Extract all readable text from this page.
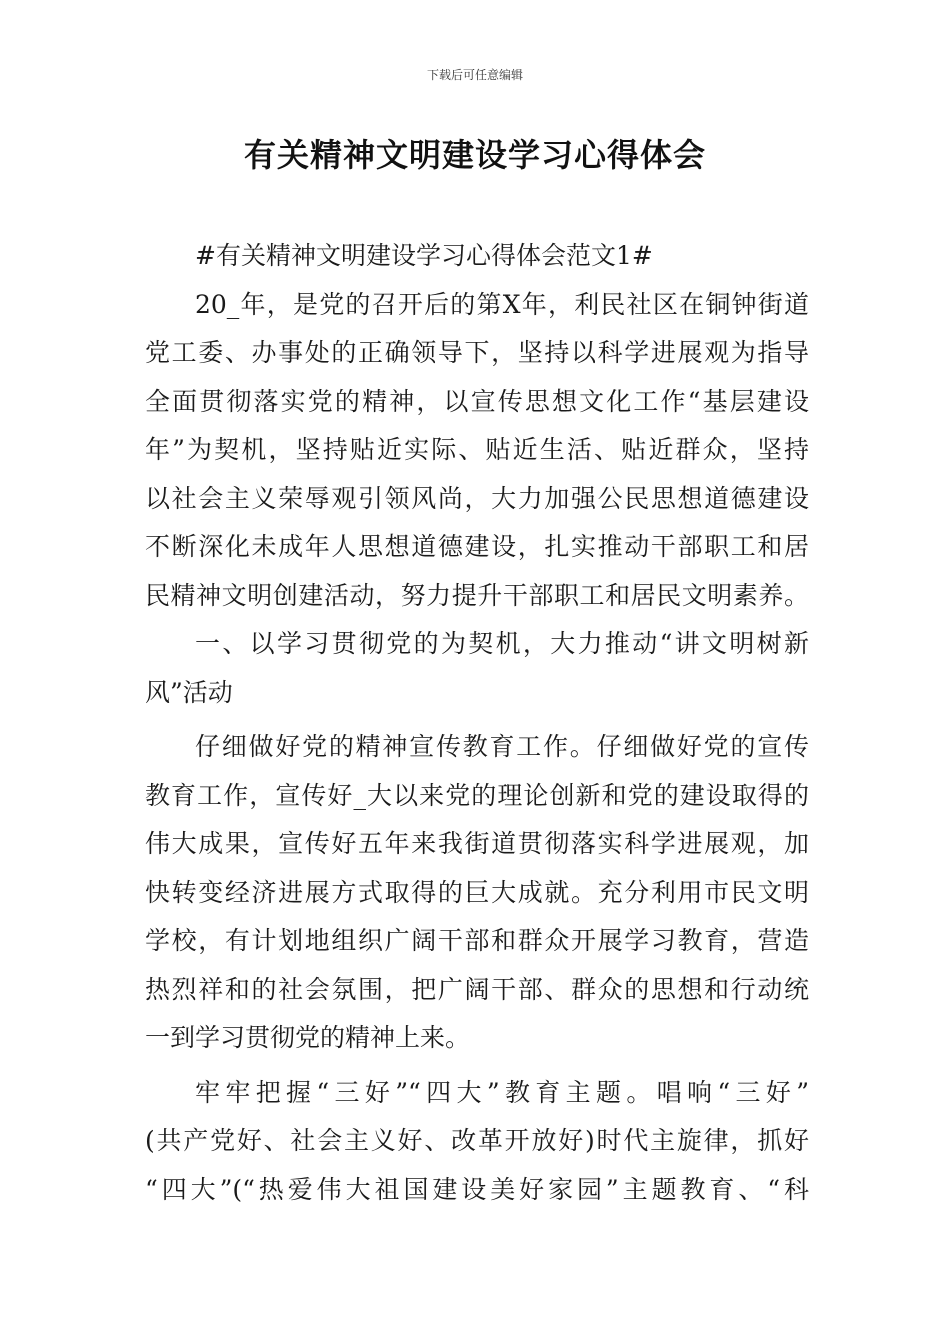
下载后可任意编辑
有关精神文明建设学习心得体会
#有关精神文明建设学习心得体会范文1#
20_年，是党的召开后的第X年，利民社区在铜钟街道
党工委、办事处的正确领导下，坚持以科学进展观为指导
全面贯彻落实党的精神，以宣传思想文化工作“基层建设
年”为契机，坚持贴近实际、贴近生活、贴近群众，坚持
以社会主义荣辱观引领风尚，大力加强公民思想道德建设
不断深化未成年人思想道德建设，扎实推动干部职工和居
民精神文明创建活动，努力提升干部职工和居民文明素养。
一、以学习贯彻党的为契机，大力推动“讲文明树新
风”活动
仔细做好党的精神宣传教育工作。仔细做好党的宣传
教育工作，宣传好_大以来党的理论创新和党的建设取得的
伟大成果，宣传好五年来我街道贯彻落实科学进展观，加
快转变经济进展方式取得的巨大成就。充分利用市民文明
学校，有计划地组织广阔干部和群众开展学习教育，营造
热烈祥和的社会氛围，把广阔干部、群众的思想和行动统
一到学习贯彻党的精神上来。
牢牢把握“三好”“四大”教育主题。唱响“三好”
(共产党好、社会主义好、改革开放好)时代主旋律，抓好
“四大”(“热爱伟大祖国建设美好家园”主题教育、“科
